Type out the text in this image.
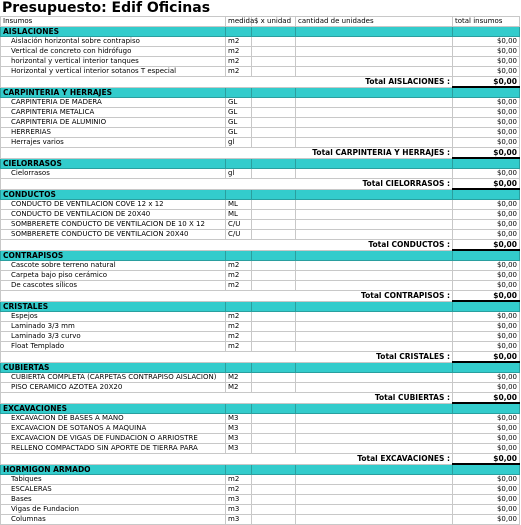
Presupuesto: Edif Oficinas
Insumos	medida	$ x unidad	cantidad de unidades	total insumos
AISLACIONES				
Aislación horizontal sobre contrapiso	m2			$0,00
Vertical de concreto con hidrófugo	m2			$0,00
horizontal y vertical interior tanques	m2			$0,00
Horizontal y vertical interior sotanos T especial	m2			$0,00
Total AISLACIONES :				$0,00
CARPINTERIA Y HERRAJES				
CARPINTERIA DE MADERA	GL			$0,00
CARPINTERIA METALICA	GL			$0,00
CARPINTERIA DE ALUMINIO	GL			$0,00
HERRERIAS	GL			$0,00
Herrajes varios	gl			$0,00
Total CARPINTERIA Y HERRAJES :				$0,00
CIELORRASOS				
Cielorrasos	gl			$0,00
Total CIELORRASOS :				$0,00
CONDUCTOS				
CONDUCTO DE VENTILACION COVE 12 x 12	ML			$0,00
CONDUCTO DE VENTILACION DE 20X40	ML			$0,00
SOMBRERETE CONDUCTO DE VENTILACION DE 10 X 12	C/U			$0,00
SOMBRERETE CONDUCTO DE VENTILACION 20X40	C/U			$0,00
Total CONDUCTOS :				$0,00
CONTRAPISOS				
Cascote sobre terreno natural	m2			$0,00
Carpeta bajo piso cerámico	m2			$0,00
De cascotes sílicos	m2			$0,00
Total CONTRAPISOS :				$0,00
CRISTALES				
Espejos	m2			$0,00
Laminado 3/3 mm	m2			$0,00
Laminado 3/3 curvo	m2			$0,00
Float Templado	m2			$0,00
Total CRISTALES :				$0,00
CUBIERTAS				
CUBIERTA COMPLETA (CARPETAS CONTRAPISO AISLACION)	M2			$0,00
PISO CERAMICO AZOTEA 20X20	M2			$0,00
Total CUBIERTAS :				$0,00
EXCAVACIONES				
EXCAVACION DE BASES A MANO	M3			$0,00
EXCAVACION DE SOTANOS A MAQUINA	M3			$0,00
EXCAVACION DE VIGAS DE FUNDACION O ARRIOSTRE	M3			$0,00
RELLENO COMPACTADO SIN APORTE DE TIERRA PARA	M3			$0,00
Total EXCAVACIONES :				$0,00
HORMIGON ARMADO				
Tabiques	m2			$0,00
ESCALERAS	m2			$0,00
Bases	m3			$0,00
Vigas de Fundacion	m3			$0,00
Columnas	m3			$0,00
